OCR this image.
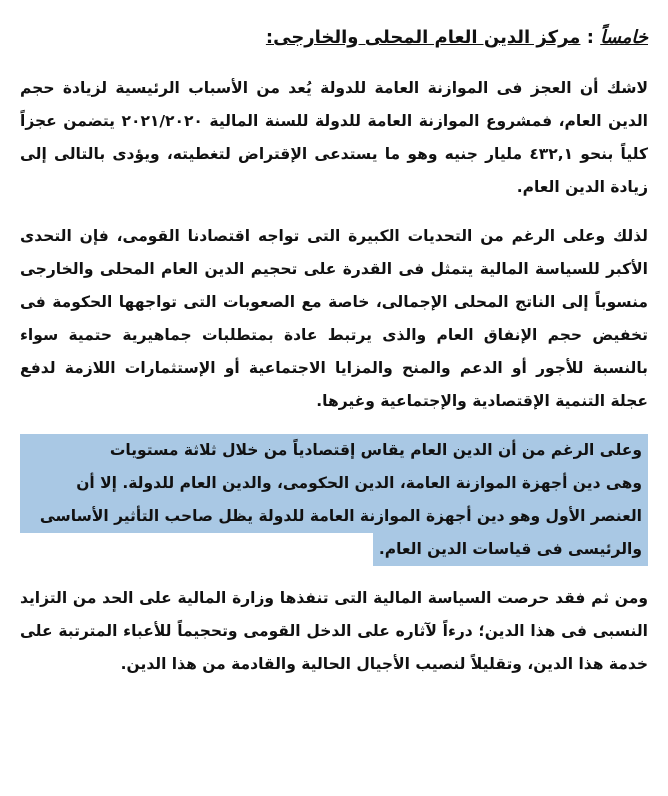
خامساً : مركز الدين العام المحلى والخارجى:

لاشك أن العجز فى الموازنة العامة للدولة يُعد من الأسباب الرئيسية لزيادة حجم الدين العام، فمشروع الموازنة العامة للدولة للسنة المالية ٢٠٢١/٢٠٢٠ يتضمن عجزاً كلياً بنحو ٤٣٢,١ مليار جنيه وهو ما يستدعى الإقتراض لتغطيته، ويؤدى بالتالى إلى زيادة الدين العام.

لذلك وعلى الرغم من التحديات الكبيرة التى تواجه اقتصادنا القومى، فإن التحدى الأكبر للسياسة المالية يتمثل فى القدرة على تحجيم الدين العام المحلى والخارجى منسوباً إلى الناتج المحلى الإجمالى، خاصة مع الصعوبات التى تواجهها الحكومة فى تخفيض حجم الإنفاق العام والذى يرتبط عادة بمتطلبات جماهيرية حتمية سواء بالنسبة للأجور أو الدعم والمنح والمزايا الاجتماعية أو الإستثمارات اللازمة لدفع عجلة التنمية الإقتصادية والإجتماعية وغيرها.

وعلى الرغم من أن الدين العام يقاس إقتصادياً من خلال ثلاثة مستويات
وهى دين أجهزة الموازنة العامة، الدين الحكومى، والدين العام للدولة. إلا أن
العنصر الأول وهو دين أجهزة الموازنة العامة للدولة يظل صاحب التأثير الأساسى
والرئيسى فى قياسات الدين العام.

ومن ثم فقد حرصت السياسة المالية التى تنفذها وزارة المالية على الحد من التزايد النسبى فى هذا الدين؛ درءاً لآثاره على الدخل القومى وتحجيماً للأعباء المترتبة على خدمة هذا الدين، وتقليلاً لنصيب الأجيال الحالية والقادمة من هذا الدين.
